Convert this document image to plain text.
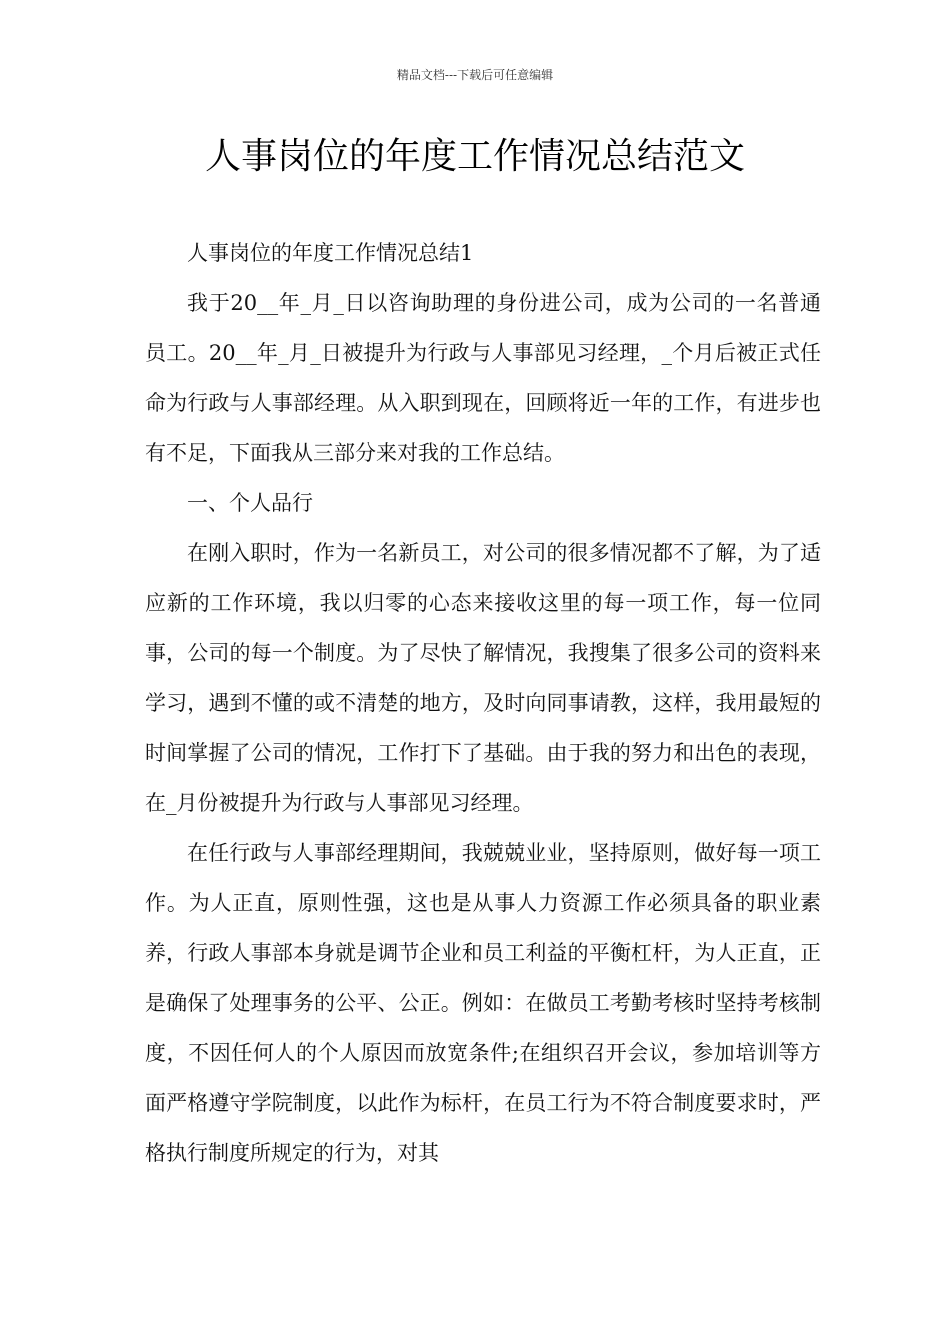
精品文档---下载后可任意编辑
人事岗位的年度工作情况总结范文

人事岗位的年度工作情况总结1

我于20__年_月_日以咨询助理的身份进公司，成为公司的一名普通员工。20__年_月_日被提升为行政与人事部见习经理，_个月后被正式任命为行政与人事部经理。从入职到现在，回顾将近一年的工作，有进步也有不足，下面我从三部分来对我的工作总结。

一、个人品行

在刚入职时，作为一名新员工，对公司的很多情况都不了解，为了适应新的工作环境，我以归零的心态来接收这里的每一项工作，每一位同事，公司的每一个制度。为了尽快了解情况，我搜集了很多公司的资料来学习，遇到不懂的或不清楚的地方，及时向同事请教，这样，我用最短的时间掌握了公司的情况，工作打下了基础。由于我的努力和出色的表现，在_月份被提升为行政与人事部见习经理。

在任行政与人事部经理期间，我兢兢业业，坚持原则，做好每一项工作。为人正直，原则性强，这也是从事人力资源工作必须具备的职业素养，行政人事部本身就是调节企业和员工利益的平衡杠杆，为人正直，正是确保了处理事务的公平、公正。例如：在做员工考勤考核时坚持考核制度，不因任何人的个人原因而放宽条件;在组织召开会议，参加培训等方面严格遵守学院制度，以此作为标杆，在员工行为不符合制度要求时，严格执行制度所规定的行为，对其
